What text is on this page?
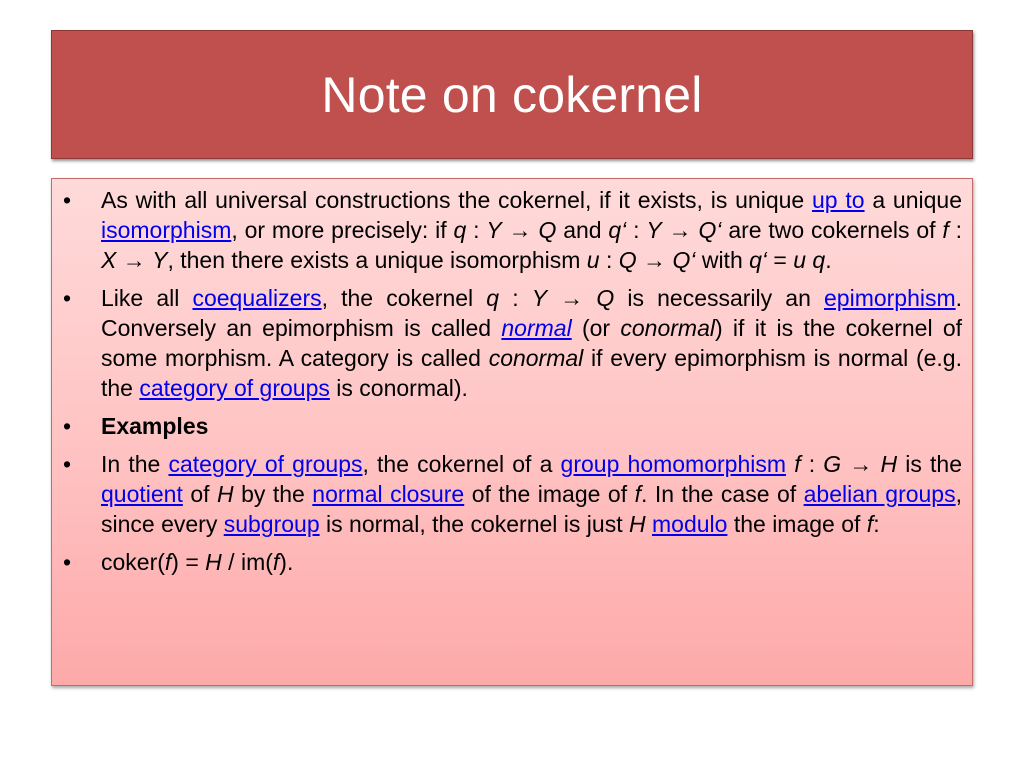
Note on cokernel
• As with all universal constructions the cokernel, if it exists, is unique up to a unique isomorphism, or more precisely: if q : Y → Q and q‘ : Y → Q‘ are two cokernels of f : X → Y, then there exists a unique isomorphism u : Q → Q‘ with q‘ = u q.
• Like all coequalizers, the cokernel q : Y → Q is necessarily an epimorphism. Conversely an epimorphism is called normal (or conormal) if it is the cokernel of some morphism. A category is called conormal if every epimorphism is normal (e.g. the category of groups is conormal).
• Examples
• In the category of groups, the cokernel of a group homomorphism f : G → H is the quotient of H by the normal closure of the image of f. In the case of abelian groups, since every subgroup is normal, the cokernel is just H modulo the image of f:
• coker(f) = H / im(f).
